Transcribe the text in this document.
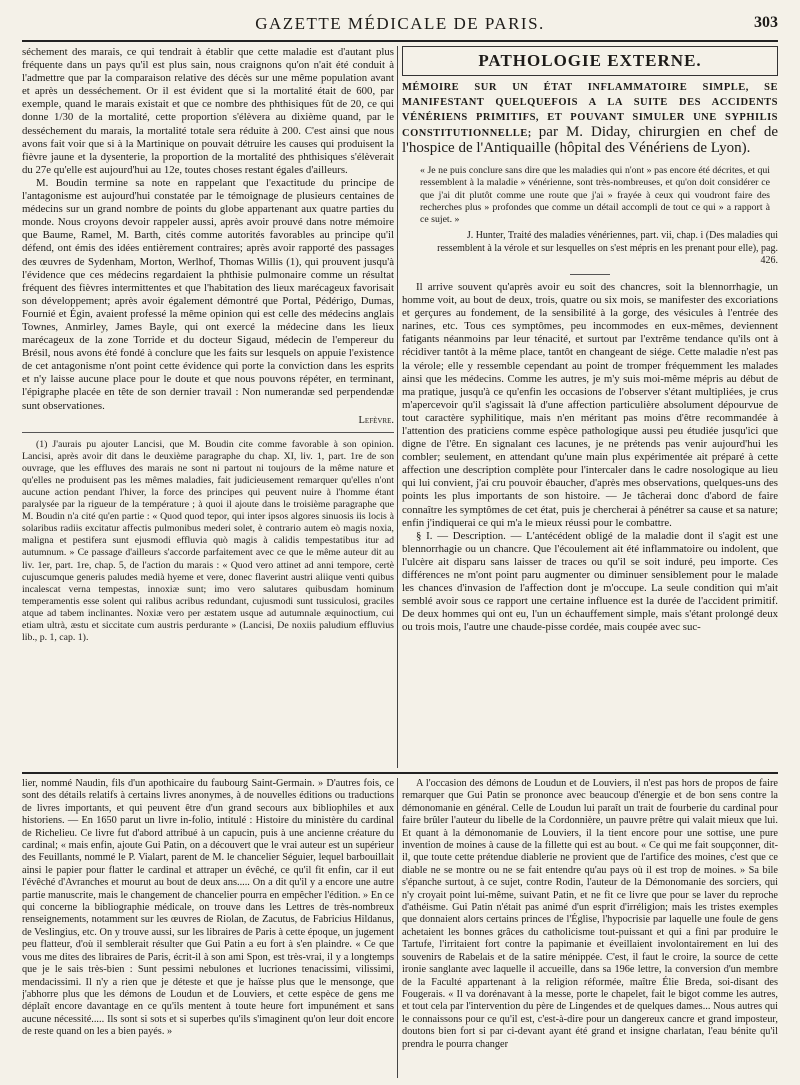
GAZETTE MÉDICALE DE PARIS.	303

séchement des marais, ce qui tendrait à établir que cette maladie est d'autant plus fréquente dans un pays qu'il est plus sain, nous craignons qu'on n'ait été conduit à l'admettre que par la comparaison relative des décès sur une même population avant et après un desséchement. Or il est évident que si la mortalité était de 600, par exemple, quand le marais existait et que ce nombre des phthisiques fût de 20, ce qui donne 1/30 de la mortalité, cette proportion s'élèvera au dixième quand, par le desséchement du marais, la mortalité totale sera réduite à 200. C'est ainsi que nous avons fait voir que si à la Martinique on pouvait détruire les causes qui produisent la fièvre jaune et la dysenterie, la proportion de la mortalité des phthisiques s'élèverait du 27e qu'elle est aujourd'hui au 12e, toutes choses restant égales d'ailleurs.

M. Boudin termine sa note en rappelant que l'exactitude du principe de l'antagonisme est aujourd'hui constatée par le témoignage de plusieurs centaines de médecins sur un grand nombre de points du globe appartenant aux quatre parties du monde. Nous croyons devoir rappeler aussi, après avoir prouvé dans notre mémoire que Baume, Ramel, M. Barth, cités comme autorités favorables au principe qu'il défend, ont émis des idées entièrement contraires; après avoir rapporté des passages des œuvres de Sydenham, Morton, Werlhof, Thomas Willis (1), qui prouvent jusqu'à l'évidence que ces médecins regardaient la phthisie pulmonaire comme un résultat fréquent des fièvres intermittentes et que l'habitation des lieux marécageux favorisait son développement; après avoir également démontré que Portal, Pédérigo, Dumas, Fournié et Égin, avaient professé la même opinion qui est celle des médecins anglais Townes, Anmirley, James Bayle, qui ont exercé la médecine dans les lieux marécageux de la zone Torride et du docteur Sigaud, médecin de l'empereur du Brésil, nous avons été fondé à conclure que les faits sur lesquels on appuie l'existence de cet antagonisme n'ont point cette évidence qui porte la conviction dans les esprits et n'y laisse aucune place pour le doute et que nous pouvons répéter, en terminant, l'épigraphe placée en tête de son dernier travail : Non numerandæ sed perpendendæ sunt observationes.

Lefèvre.

(1) J'aurais pu ajouter Lancisi, que M. Boudin cite comme favorable à son opinion. Lancisi, après avoir dit dans le deuxième paragraphe du chap. XI, liv. 1, part. 1re de son ouvrage, que les effluves des marais ne sont ni partout ni toujours de la même nature et qu'elles ne produisent pas les mêmes maladies, fait judicieusement remarquer qu'elles n'ont aucune action pendant l'hiver, la force des principes qui peuvent nuire à l'homme étant paralysée par la rigueur de la température ; à quoi il ajoute dans le troisième paragraphe que M. Boudin n'a cité qu'en partie : « Quod quod tepor, qui inter ipsos algores sinuosis iis locis à solaribus radiis excitatur affectis pulmonibus mederi solet, è contrario autem eò magis noxia, maligna et pestifera sunt ejusmodi effluvia quò magis à calidis tempestatibus itur ad autumnum. » Ce passage d'ailleurs s'accorde parfaitement avec ce que le même auteur dit au liv. 1er, part. 1re, chap. 5, de l'action du marais : « Quod vero attinet ad anni tempore, certè cujuscumque generis paludes medià hyeme et vere, donec flaverint austri aliique venti quibus incalescat verna tempestas, innoxiæ sunt; imo vero salutares quibusdam hominum temperamentis esse solent qui ralibus acribus redundant, cujusmodi sunt tussiculosi, graciles atque ad tabem inclinantes. Noxiæ vero per æstatem usque ad autumnale æquinoctium, cui etiam ultrà, æstu et siccitate cum austris perdurante » (Lancisi, De noxiis paludium effluvius lib., p. 1, cap. 1).

PATHOLOGIE EXTERNE.

MÉMOIRE SUR UN ÉTAT INFLAMMATOIRE SIMPLE, SE MANIFESTANT QUELQUEFOIS A LA SUITE DES ACCIDENTS VÉNÉRIENS PRIMITIFS, ET POUVANT SIMULER UNE SYPHILIS CONSTITUTIONNELLE; par M. Diday, chirurgien en chef de l'hospice de l'Antiquaille (hôpital des Vénériens de Lyon).

« Je ne puis conclure sans dire que les maladies qui n'ont » pas encore été décrites, et qui ressemblent à la maladie » vénérienne, sont très-nombreuses, et qu'on doit considérer ce que j'ai dit plutôt comme une route que j'ai » frayée à ceux qui voudront faire des recherches plus » profondes que comme un détail accompli de tout ce qui » a rapport à ce sujet. »

J. Hunter, Traité des maladies vénériennes, part. vii, chap. i (Des maladies qui ressemblent à la vérole et sur lesquelles on s'est mépris en les prenant pour elle), pag. 426.

Il arrive souvent qu'après avoir eu soit des chancres, soit la blennorrhagie, un homme voit, au bout de deux, trois, quatre ou six mois, se manifester des excoriations et gerçures au fondement, de la sensibilité à la gorge, des vésicules à l'entrée des narines, etc. Tous ces symptômes, peu incommodes en eux-mêmes, deviennent fatigants néanmoins par leur ténacité, et surtout par l'extrême tendance qu'ils ont à récidiver tantôt à la même place, tantôt en changeant de siége. Cette maladie n'est pas la vérole; elle y ressemble cependant au point de tromper fréquemment les malades ainsi que les médecins. Comme les autres, je m'y suis moi-même mépris au début de ma pratique, jusqu'à ce qu'enfin les occasions de l'observer s'étant multipliées, je crus m'apercevoir qu'il s'agissait là d'une affection particulière absolument dépourvue de tout caractère syphilitique, mais n'en méritant pas moins d'être recommandée à l'attention des praticiens comme espèce pathologique aussi peu étudiée jusqu'ici que digne de l'être. En signalant ces lacunes, je ne prétends pas venir aujourd'hui les combler; seulement, en attendant qu'une main plus expérimentée ait préparé à cette affection une description complète pour l'intercaler dans le cadre nosologique au lieu qui lui convient, j'ai cru pouvoir ébaucher, d'après mes observations, quelques-uns des points les plus importants de son histoire. — Je tâcherai donc d'abord de faire connaître les symptômes de cet état, puis je chercherai à pénétrer sa cause et sa nature; enfin j'indiquerai ce qui m'a le mieux réussi pour le combattre.

§ I. — Description. — L'antécédent obligé de la maladie dont il s'agit est une blennorrhagie ou un chancre. Que l'écoulement ait été inflammatoire ou indolent, que l'ulcère ait disparu sans laisser de traces ou qu'il se soit induré, peu importe. Ces différences ne m'ont point paru augmenter ou diminuer sensiblement pour le malade les chances d'invasion de l'affection dont je m'occupe. La seule condition qui m'ait semblé avoir sous ce rapport une certaine influence est la durée de l'accident primitif. De deux hommes qui ont eu, l'un un échauffement simple, mais s'étant prolongé deux ou trois mois, l'autre une chaude-pisse cordée, mais coupée avec suc-

lier, nommé Naudin, fils d'un apothicaire du faubourg Saint-Germain. » D'autres fois, ce sont des détails relatifs à certains livres anonymes, à de nouvelles éditions ou traductions de livres importants, et qui peuvent être d'un grand secours aux bibliophiles et aux historiens. — En 1650 parut un livre in-folio, intitulé : Histoire du ministère du cardinal de Richelieu. Ce livre fut d'abord attribué à un capucin, puis à une ancienne créature du cardinal; « mais enfin, ajoute Gui Patin, on a découvert que le vrai auteur est un supérieur des Feuillants, nommé le P. Vialart, parent de M. le chancelier Séguier, lequel barbouillait ainsi le papier pour flatter le cardinal et attraper un évêché, ce qu'il fit enfin, car il eut l'évêché d'Avranches et mourut au bout de deux ans..... On a dit qu'il y a encore une autre partie manuscrite, mais le changement de chancelier pourra en empêcher l'édition. » En ce qui concerne la bibliographie médicale, on trouve dans les Lettres de très-nombreux renseignements, notamment sur les œuvres de Riolan, de Zacutus, de Fabricius Hildanus, de Veslingius, etc. On y trouve aussi, sur les libraires de Paris à cette époque, un jugement peu flatteur, d'où il semblerait résulter que Gui Patin a eu fort à s'en plaindre. « Ce que vous me dites des libraires de Paris, écrit-il à son ami Spon, est très-vrai, il y a longtemps que je le sais très-bien : Sunt pessimi nebulones et lucriones tenacissimi, vilissimi, mendacissimi. Il n'y a rien que je déteste et que je haïsse plus que le mensonge, que j'abhorre plus que les démons de Loudun et de Louviers, et cette espèce de gens me déplaît encore davantage en ce qu'ils mentent à toute heure fort impunément et sans aucune nécessité..... Ils sont si sots et si superbes qu'ils s'imaginent qu'on leur doit encore de reste quand on les a bien payés. »

A l'occasion des démons de Loudun et de Louviers, il n'est pas hors de propos de faire remarquer que Gui Patin se prononce avec beaucoup d'énergie et de bon sens contre la démonomanie en général. Celle de Loudun lui paraît un trait de fourberie du cardinal pour faire brûler l'auteur du libelle de la Cordonnière, un pauvre prêtre qui valait mieux que lui. Et quant à la démonomanie de Louviers, il la tient encore pour une sottise, une pure invention de moines à cause de la fillette qui est au bout. « Ce qui me fait soupçonner, dit-il, que toute cette prétendue diablerie ne provient que de l'artifice des moines, c'est que ce diable ne se montre ou ne se fait entendre qu'au pays où il est trop de moines. » Sa bile s'épanche surtout, à ce sujet, contre Rodin, l'auteur de la Démonomanie des sorciers, qui n'y croyait point lui-même, suivant Patin, et ne fit ce livre que pour se laver du reproche d'athéisme. Gui Patin n'était pas animé d'un esprit d'irréligion; mais les tristes exemples que donnaient alors certains princes de l'Église, l'hypocrisie par laquelle une foule de gens achetaient les bonnes grâces du catholicisme tout-puissant et qui a fini par produire le Tartufe, l'irritaient fort contre la papimanie et éveillaient involontairement en lui des souvenirs de Rabelais et de la satire ménippée. C'est, il faut le croire, la source de cette ironie sanglante avec laquelle il accueille, dans sa 196e lettre, la conversion d'un membre de la Faculté appartenant à la religion réformée, maître Élie Breda, soi-disant des Fougerais. « Il va dorénavant à la messe, porte le chapelet, fait le bigot comme les autres, et tout cela par l'intervention du père de Lingendes et de quelques dames... Nous autres qui le connaissons pour ce qu'il est, c'est-à-dire pour un dangereux cancre et grand imposteur, doutons bien fort si par ci-devant ayant été grand et insigne charlatan, l'eau bénite qu'il prendra le pourra changer
